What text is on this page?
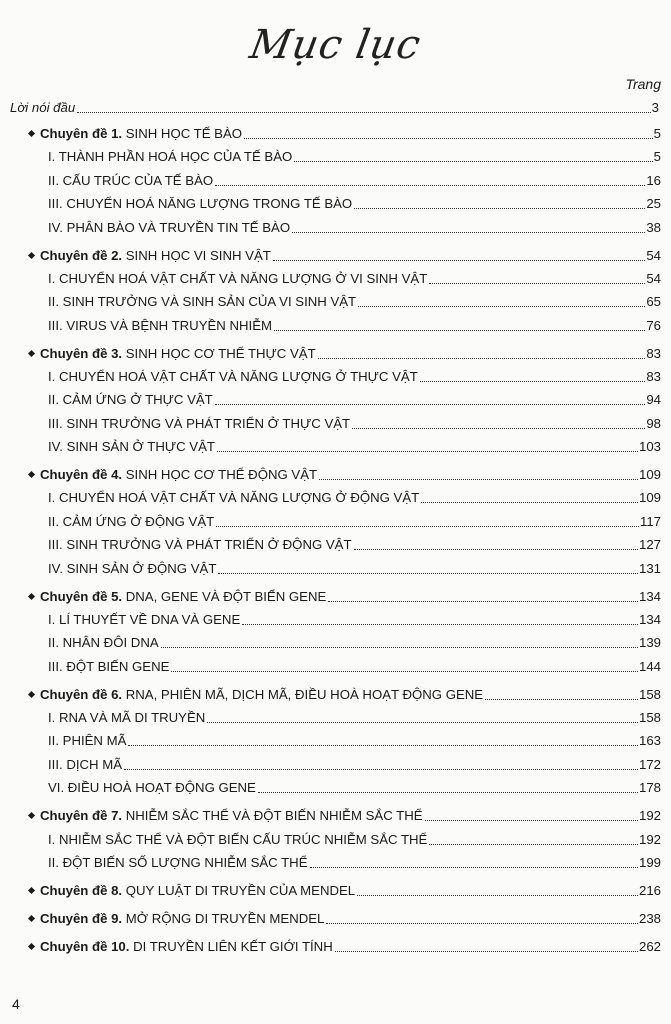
Mục lục
Trang
Lời nói đầu	3
Chuyên đề 1. SINH HỌC TẾ BÀO	5
I. THÀNH PHẦN HOÁ HỌC CỦA TẾ BÀO	5
II. CẤU TRÚC CỦA TẾ BÀO	16
III. CHUYỂN HOÁ NĂNG LƯỢNG TRONG TẾ BÀO	25
IV. PHÂN BÀO VÀ TRUYỀN TIN TẾ BÀO	38
Chuyên đề 2. SINH HỌC VI SINH VẬT	54
I. CHUYỂN HOÁ VẬT CHẤT VÀ NĂNG LƯỢNG Ở VI SINH VẬT	54
II. SINH TRƯỞNG VÀ SINH SẢN CỦA VI SINH VẬT	65
III. VIRUS VÀ BỆNH TRUYỀN NHIỄM	76
Chuyên đề 3. SINH HỌC CƠ THỂ THỰC VẬT	83
I. CHUYỂN HOÁ VẬT CHẤT VÀ NĂNG LƯỢNG Ở THỰC VẬT	83
II. CẢM ỨNG Ở THỰC VẬT	94
III. SINH TRƯỞNG VÀ PHÁT TRIỂN Ở THỰC VẬT	98
IV. SINH SẢN Ở THỰC VẬT	103
Chuyên đề 4. SINH HỌC CƠ THỂ ĐỘNG VẬT	109
I. CHUYỂN HOÁ VẬT CHẤT VÀ NĂNG LƯỢNG Ở ĐỘNG VẬT	109
II. CẢM ỨNG Ở ĐỘNG VẬT	117
III. SINH TRƯỞNG VÀ PHÁT TRIỂN Ở ĐỘNG VẬT	127
IV. SINH SẢN Ở ĐỘNG VẬT	131
Chuyên đề 5. DNA, GENE VÀ ĐỘT BIẾN GENE	134
I. LÍ THUYẾT VỀ DNA VÀ GENE	134
II. NHÂN ĐÔI DNA	139
III. ĐỘT BIẾN GENE	144
Chuyên đề 6. RNA, PHIÊN MÃ, DỊCH MÃ, ĐIỀU HOÀ HOẠT ĐỘNG GENE	158
I. RNA VÀ MÃ DI TRUYỀN	158
II. PHIÊN MÃ	163
III. DỊCH MÃ	172
VI. ĐIỀU HOÀ HOẠT ĐỘNG GENE	178
Chuyên đề 7. NHIỄM SẮC THỂ VÀ ĐỘT BIẾN NHIỄM SẮC THỂ	192
I. NHIỄM SẮC THỂ VÀ ĐỘT BIẾN CẤU TRÚC NHIỄM SẮC THỂ	192
II. ĐỘT BIẾN SỐ LƯỢNG NHIỄM SẮC THỂ	199
Chuyên đề 8. QUY LUẬT DI TRUYỀN CỦA MENDEL	216
Chuyên đề 9. MỞ RỘNG DI TRUYỀN MENDEL	238
Chuyên đề 10. DI TRUYỀN LIÊN KẾT GIỚI TÍNH	262
4
